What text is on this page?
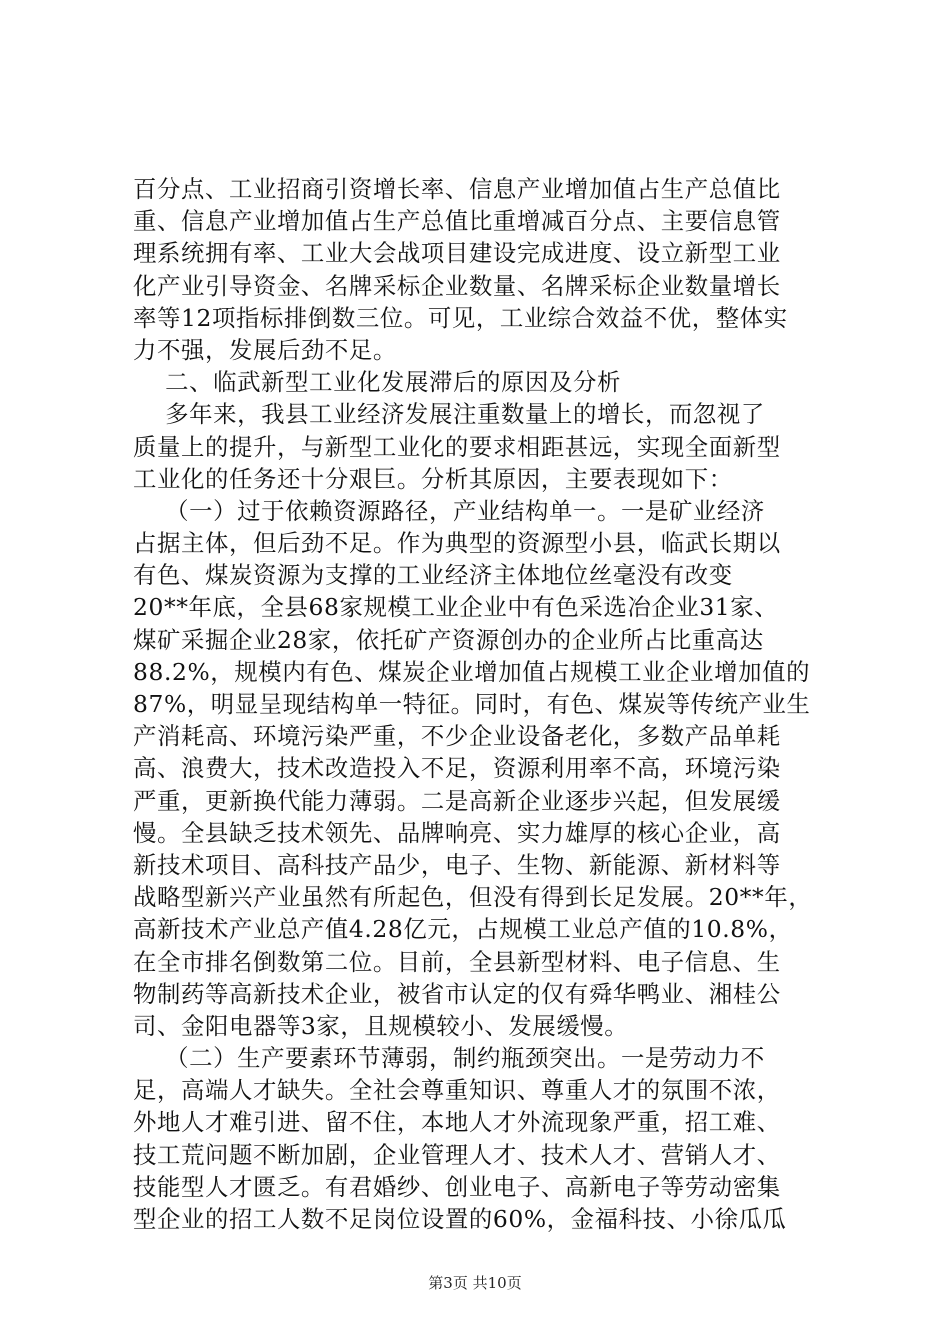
百分点、工业招商引资增长率、信息产业增加值占生产总值比
重、信息产业增加值占生产总值比重增减百分点、主要信息管
理系统拥有率、工业大会战项目建设完成进度、设立新型工业
化产业引导资金、名牌采标企业数量、名牌采标企业数量增长
率等12项指标排倒数三位。可见，工业综合效益不优，整体实
力不强，发展后劲不足。
二、临武新型工业化发展滞后的原因及分析
多年来，我县工业经济发展注重数量上的增长，而忽视了
质量上的提升，与新型工业化的要求相距甚远，实现全面新型
工业化的任务还十分艰巨。分析其原因，主要表现如下：
（一）过于依赖资源路径，产业结构单一。一是矿业经济
占据主体，但后劲不足。作为典型的资源型小县，临武长期以
有色、煤炭资源为支撑的工业经济主体地位丝毫没有改变
20**年底，全县68家规模工业企业中有色采选冶企业31家、
煤矿采掘企业28家，依托矿产资源创办的企业所占比重高达
88.2%，规模内有色、煤炭企业增加值占规模工业企业增加值的
87%，明显呈现结构单一特征。同时，有色、煤炭等传统产业生
产消耗高、环境污染严重，不少企业设备老化，多数产品单耗
高、浪费大，技术改造投入不足，资源利用率不高，环境污染
严重，更新换代能力薄弱。二是高新企业逐步兴起，但发展缓
慢。全县缺乏技术领先、品牌响亮、实力雄厚的核心企业，高
新技术项目、高科技产品少，电子、生物、新能源、新材料等
战略型新兴产业虽然有所起色，但没有得到长足发展。20**年，
高新技术产业总产值4.28亿元，占规模工业总产值的10.8%，
在全市排名倒数第二位。目前，全县新型材料、电子信息、生
物制药等高新技术企业，被省市认定的仅有舜华鸭业、湘桂公
司、金阳电器等3家，且规模较小、发展缓慢。
（二）生产要素环节薄弱，制约瓶颈突出。一是劳动力不
足，高端人才缺失。全社会尊重知识、尊重人才的氛围不浓，
外地人才难引进、留不住，本地人才外流现象严重，招工难、
技工荒问题不断加剧，企业管理人才、技术人才、营销人才、
技能型人才匮乏。有君婚纱、创业电子、高新电子等劳动密集
型企业的招工人数不足岗位设置的60%，金福科技、小徐瓜瓜
第3页 共10页
